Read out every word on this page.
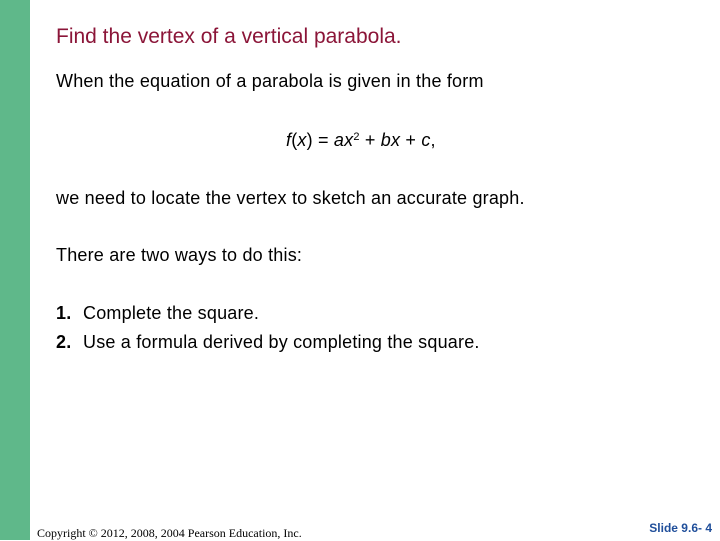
Find the vertex of a vertical parabola.
When the equation of a parabola is given in the form
$f(x) = ax^2$ + bx + c,
we need to locate the vertex to sketch an accurate graph.
There are two ways to do this:
1. Complete the square.
2. Use a formula derived by completing the square.
Copyright © 2012, 2008, 2004 Pearson Education, Inc.	Slide 9.6- 4
